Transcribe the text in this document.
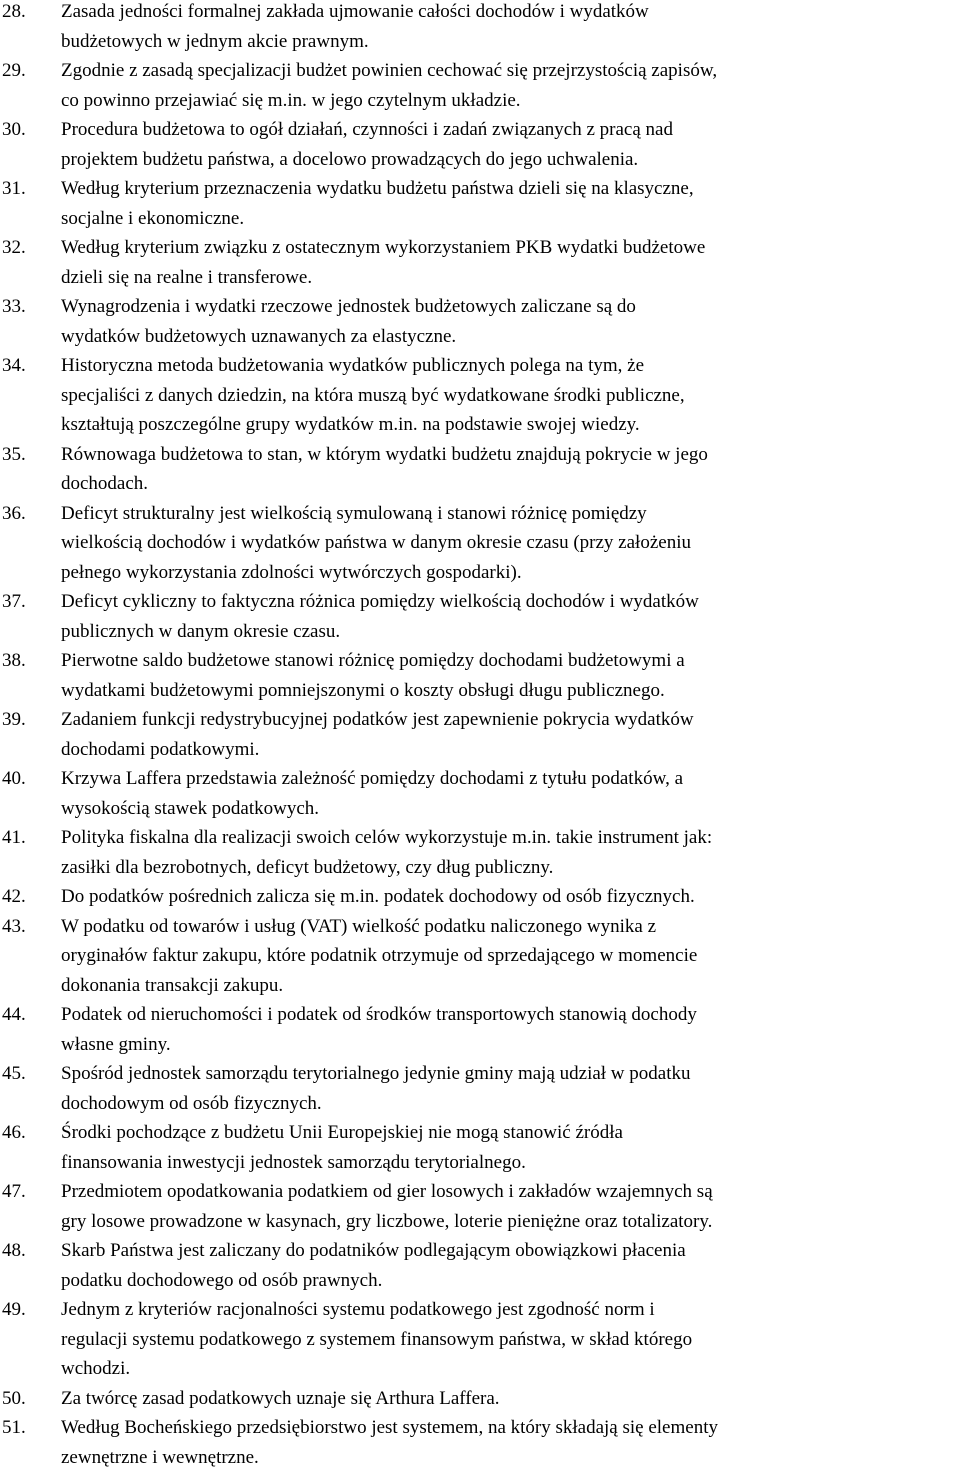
28. Zasada jedności formalnej zakłada ujmowanie całości dochodów i wydatków
budżetowych w jednym akcie prawnym.
29. Zgodnie z zasadą specjalizacji budżet powinien cechować się przejrzystością zapisów,
co powinno przejawiać się m.in. w jego czytelnym układzie.
30. Procedura budżetowa to ogół działań, czynności i zadań związanych z pracą nad
projektem budżetu państwa, a docelowo prowadzących do jego uchwalenia.
31. Według kryterium przeznaczenia wydatku budżetu państwa dzieli się na klasyczne,
socjalne i ekonomiczne.
32. Według kryterium związku z ostatecznym wykorzystaniem PKB wydatki budżetowe
dzieli się na realne i transferowe.
33. Wynagrodzenia i wydatki rzeczowe jednostek budżetowych zaliczane są do
wydatków budżetowych uznawanych za elastyczne.
34. Historyczna metoda budżetowania wydatków publicznych polega na tym, że
specjaliści z danych dziedzin, na która muszą być wydatkowane środki publiczne,
kształtują poszczególne grupy wydatków m.in. na podstawie swojej wiedzy.
35. Równowaga budżetowa to stan, w którym wydatki budżetu znajdują pokrycie w jego
dochodach.
36. Deficyt strukturalny jest wielkością symulowaną i stanowi różnicę pomiędzy
wielkością dochodów i wydatków państwa w danym okresie czasu (przy założeniu
pełnego wykorzystania zdolności wytwórczych gospodarki).
37. Deficyt cykliczny to faktyczna różnica pomiędzy wielkością dochodów i wydatków
publicznych w danym okresie czasu.
38. Pierwotne saldo budżetowe stanowi różnicę pomiędzy dochodami budżetowymi a
wydatkami budżetowymi pomniejszonymi o koszty obsługi długu publicznego.
39. Zadaniem funkcji redystrybucyjnej podatków jest zapewnienie pokrycia wydatków
dochodami podatkowymi.
40. Krzywa Laffera przedstawia zależność pomiędzy dochodami z tytułu podatków, a
wysokością stawek podatkowych.
41. Polityka fiskalna dla realizacji swoich celów wykorzystuje m.in. takie instrument jak:
zasiłki dla bezrobotnych, deficyt budżetowy, czy dług publiczny.
42. Do podatków pośrednich zalicza się m.in. podatek dochodowy od osób fizycznych.
43. W podatku od towarów i usług (VAT) wielkość podatku naliczonego wynika z
oryginałów faktur zakupu, które podatnik otrzymuje od sprzedającego w momencie
dokonania transakcji zakupu.
44. Podatek od nieruchomości i podatek od środków transportowych stanowią dochody
własne gminy.
45. Spośród jednostek samorządu terytorialnego jedynie gminy mają udział w podatku
dochodowym od osób fizycznych.
46. Środki pochodzące z budżetu Unii Europejskiej nie mogą stanowić źródła
finansowania inwestycji jednostek samorządu terytorialnego.
47. Przedmiotem opodatkowania podatkiem od gier losowych i zakładów wzajemnych są
gry losowe prowadzone w kasynach, gry liczbowe, loterie pieniężne oraz totalizatory.
48. Skarb Państwa jest zaliczany do podatników podlegającym obowiązkowi płacenia
podatku dochodowego od osób prawnych.
49. Jednym z kryteriów racjonalności systemu podatkowego jest zgodność norm i
regulacji systemu podatkowego z systemem finansowym państwa, w skład którego
wchodzi.
50. Za twórcę zasad podatkowych uznaje się Arthura Laffera.
51. Według Bocheńskiego przedsiębiorstwo jest systemem, na który składają się elementy
zewnętrzne i wewnętrzne.
